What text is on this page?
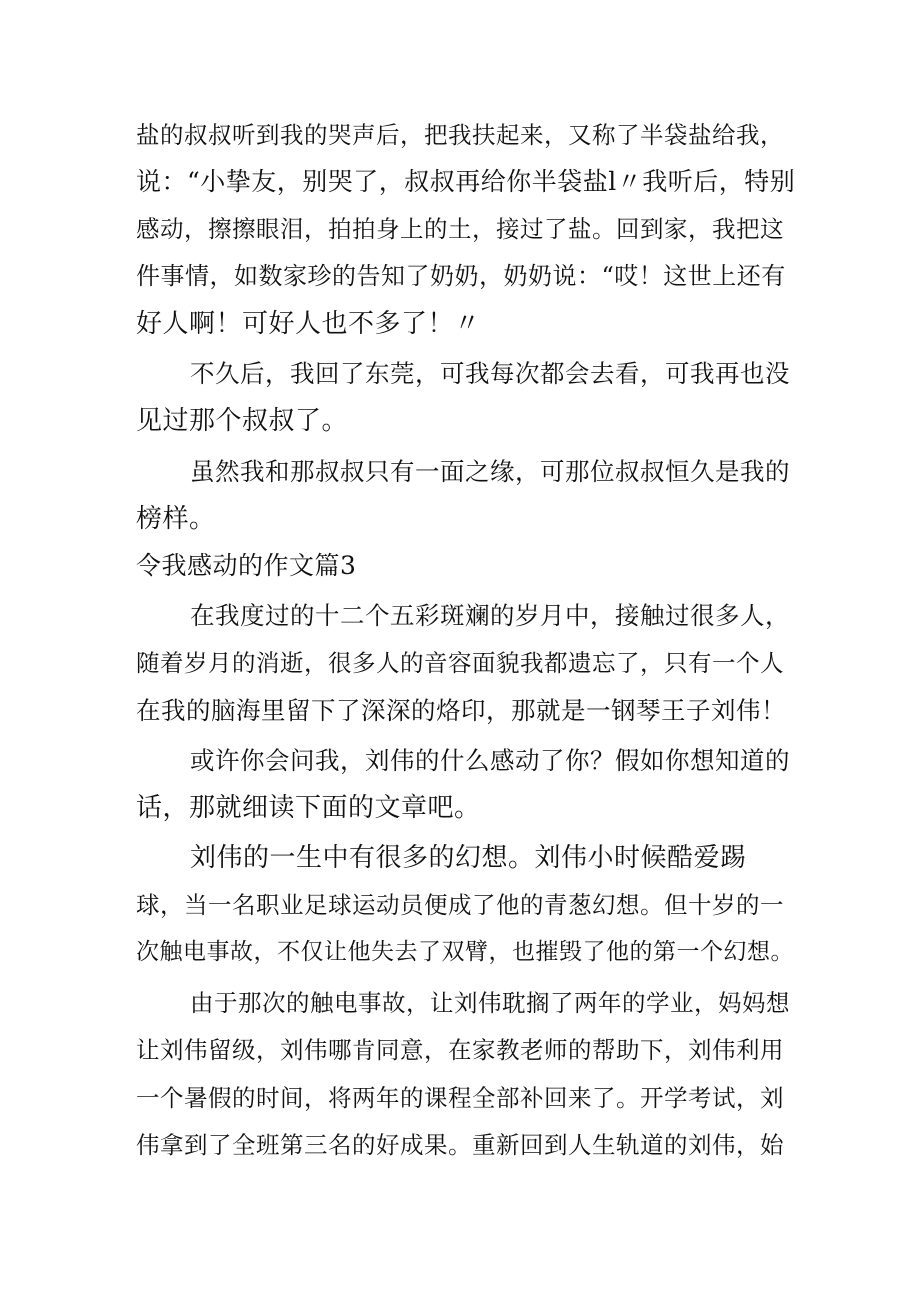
盐的叔叔听到我的哭声后，把我扶起来，又称了半袋盐给我，
说：“小挚友，别哭了，叔叔再给你半袋盐l〃我听后，特别
感动，擦擦眼泪，拍拍身上的土，接过了盐。回到家，我把这
件事情，如数家珍的告知了奶奶，奶奶说：“哎！这世上还有
好人啊！可好人也不多了！〃
不久后，我回了东莞，可我每次都会去看，可我再也没
见过那个叔叔了。
虽然我和那叔叔只有一面之缘，可那位叔叔恒久是我的
榜样。
令我感动的作文篇3
在我度过的十二个五彩斑斓的岁月中，接触过很多人，
随着岁月的消逝，很多人的音容面貌我都遗忘了，只有一个人
在我的脑海里留下了深深的烙印，那就是一钢琴王子刘伟！
或许你会问我，刘伟的什么感动了你？假如你想知道的
话，那就细读下面的文章吧。
刘伟的一生中有很多的幻想。刘伟小时候酷爱踢
球，当一名职业足球运动员便成了他的青葱幻想。但十岁的一
次触电事故，不仅让他失去了双臂，也摧毁了他的第一个幻想。
由于那次的触电事故，让刘伟耽搁了两年的学业，妈妈想
让刘伟留级，刘伟哪肯同意，在家教老师的帮助下，刘伟利用
一个暑假的时间，将两年的课程全部补回来了。开学考试，刘
伟拿到了全班第三名的好成果。重新回到人生轨道的刘伟，始
